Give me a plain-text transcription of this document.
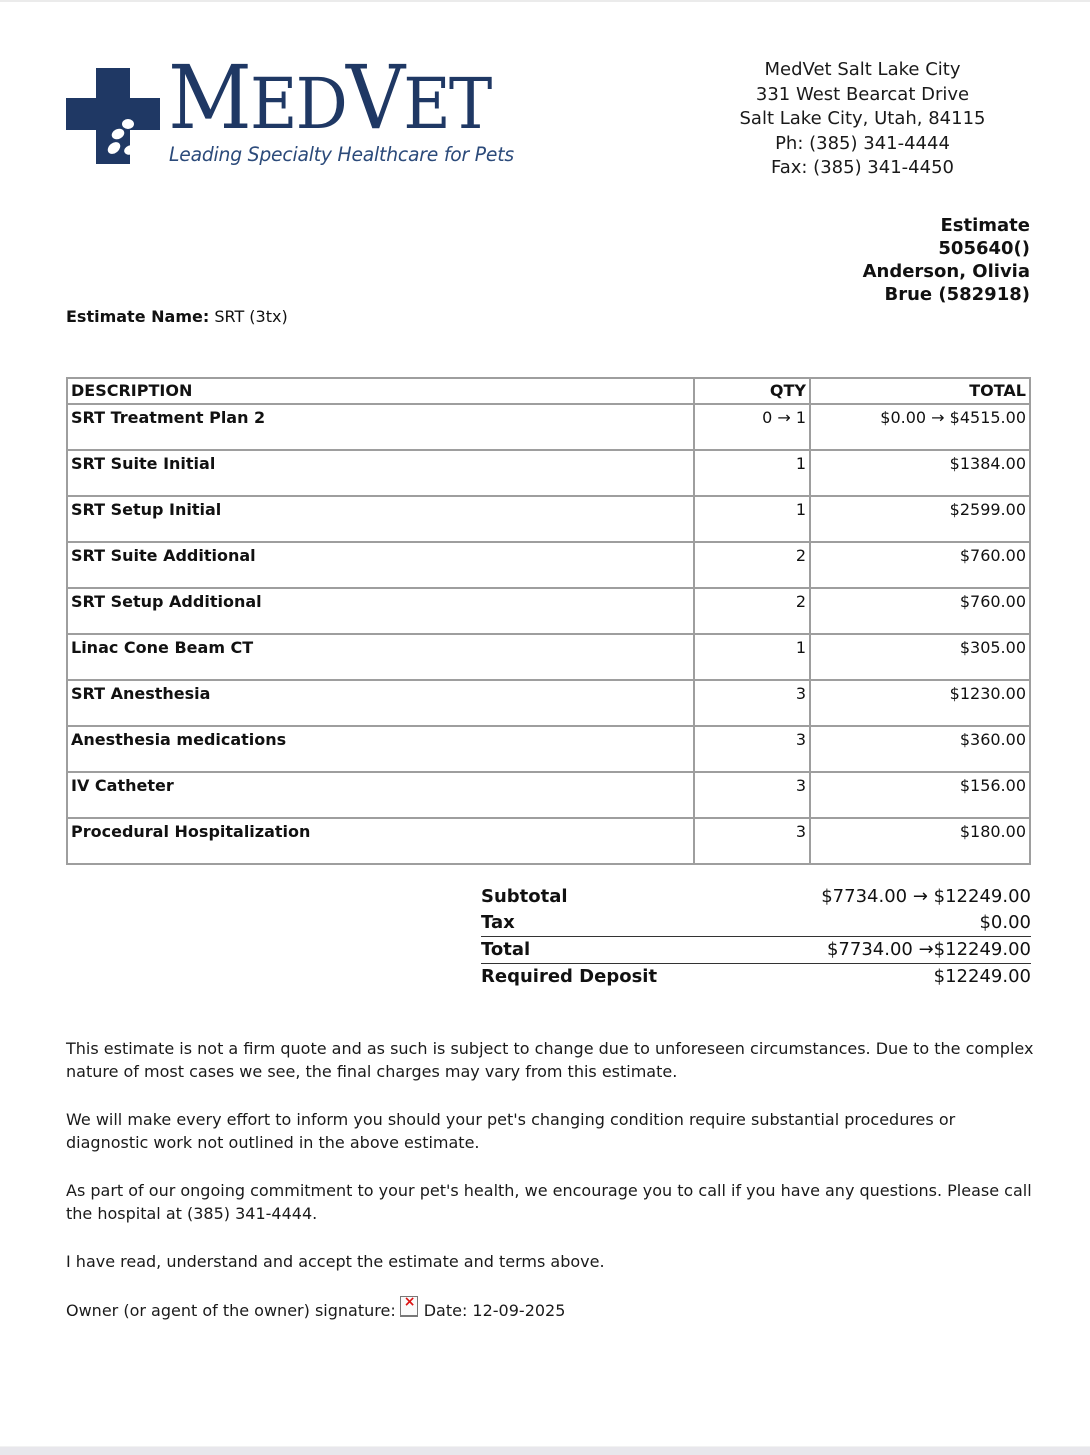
MEDVET
Leading Specialty Healthcare for Pets
MedVet Salt Lake City
331 West Bearcat Drive
Salt Lake City, Utah, 84115
Ph: (385) 341-4444
Fax: (385) 341-4450
Estimate
505640()
Anderson, Olivia
Brue (582918)
Estimate Name: SRT (3tx)
DESCRIPTION	QTY	TOTAL
SRT Treatment Plan 2	0 → 1	$0.00 → $4515.00
SRT Suite Initial	1	$1384.00
SRT Setup Initial	1	$2599.00
SRT Suite Additional	2	$760.00
SRT Setup Additional	2	$760.00
Linac Cone Beam CT	1	$305.00
SRT Anesthesia	3	$1230.00
Anesthesia medications	3	$360.00
IV Catheter	3	$156.00
Procedural Hospitalization	3	$180.00
Subtotal	$7734.00 → $12249.00
Tax	$0.00
Total	$7734.00 →$12249.00
Required Deposit	$12249.00

This estimate is not a firm quote and as such is subject to change due to unforeseen circumstances. Due to the complex nature of most cases we see, the final charges may vary from this estimate.

We will make every effort to inform you should your pet's changing condition require substantial procedures or diagnostic work not outlined in the above estimate.

As part of our ongoing commitment to your pet's health, we encourage you to call if you have any questions. Please call the hospital at (385) 341-4444.

I have read, understand and accept the estimate and terms above.

Owner (or agent of the owner) signature: × Date: 12-09-2025
